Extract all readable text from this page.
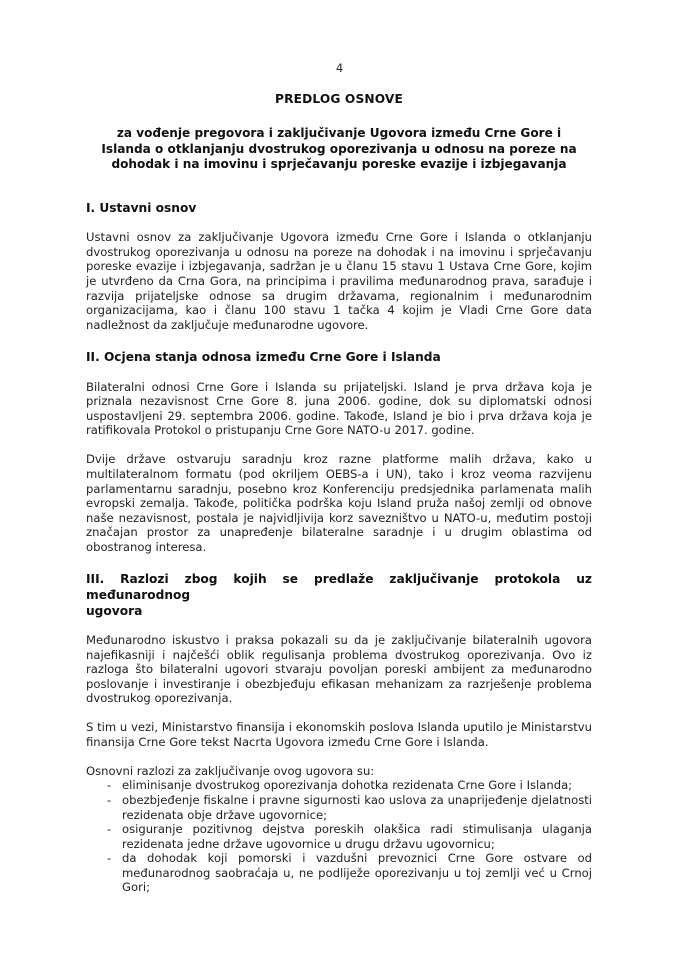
4
PREDLOG OSNOVE
za vođenje pregovora i zaključivanje Ugovora između Crne Gore i Islanda o otklanjanju dvostrukog oporezivanja u odnosu na poreze na dohodak i na imovinu i sprječavanju poreske evazije i izbjegavanja
I. Ustavni osnov

Ustavni osnov za zaključivanje Ugovora između Crne Gore i Islanda o otklanjanju dvostrukog oporezivanja u odnosu na poreze na dohodak i na imovinu i sprječavanju poreske evazije i izbjegavanja, sadržan je u članu 15 stavu 1 Ustava Crne Gore, kojim je utvrđeno da Crna Gora, na principima i pravilima međunarodnog prava, sarađuje i razvija prijateljske odnose sa drugim državama, regionalnim i međunarodnim organizacijama, kao i članu 100 stavu 1 tačka 4 kojim je Vladi Crne Gore data nadležnost da zaključuje međunarodne ugovore.

II. Ocjena stanja odnosa između Crne Gore i Islanda

Bilateralni odnosi Crne Gore i Islanda su prijateljski. Island je prva država koja je priznala nezavisnost Crne Gore 8. juna 2006. godine, dok su diplomatski odnosi uspostavljeni 29. septembra 2006. godine. Takođe, Island je bio i prva država koja je ratifikovala Protokol o pristupanju Crne Gore NATO-u 2017. godine.

Dvije države ostvaruju saradnju kroz razne platforme malih država, kako u multilateralnom formatu (pod okriljem OEBS-a i UN), tako i kroz veoma razvijenu parlamentarnu saradnju, posebno kroz Konferenciju predsjednika parlamenata malih evropski zemalja. Takođe, politička podrška koju Island pruža našoj zemlji od obnove naše nezavisnost, postala je najvidljivija korz savezništvo u NATO-u, međutim postoji značajan prostor za unapređenje bilateralne saradnje i u drugim oblastima od obostranog interesa.

III. Razlozi zbog kojih se predlaže zaključivanje protokola uz međunarodnog
ugovora

Međunarodno iskustvo i praksa pokazali su da je zaključivanje bilateralnih ugovora najefikasniji i najčešći oblik regulisanja problema dvostrukog oporezivanja. Ovo iz razloga što bilateralni ugovori stvaraju povoljan poreski ambijent za međunarodno poslovanje i investiranje i obezbjeđuju efikasan mehanizam za razrješenje problema dvostrukog oporezivanja.

S tim u vezi, Ministarstvo finansija i ekonomskih poslova Islanda uputilo je Ministarstvu finansija Crne Gore tekst Nacrta Ugovora između Crne Gore i Islanda.

Osnovni razlozi za zaključivanje ovog ugovora su:

- eliminisanje dvostrukog oporezivanja dohotka rezidenata Crne Gore i Islanda;
- obezbjeđenje fiskalne i pravne sigurnosti kao uslova za unaprijeđenje djelatnosti rezidenata obje države ugovornice;
- osiguranje pozitivnog dejstva poreskih olakšica radi stimulisanja ulaganja rezidenata jedne države ugovornice u drugu državu ugovornicu;
- da dohodak koji pomorski i vazdušni prevoznici Crne Gore ostvare od međunarodnog saobraćaja u, ne podliježe oporezivanju u toj zemlji već u Crnoj Gori;
